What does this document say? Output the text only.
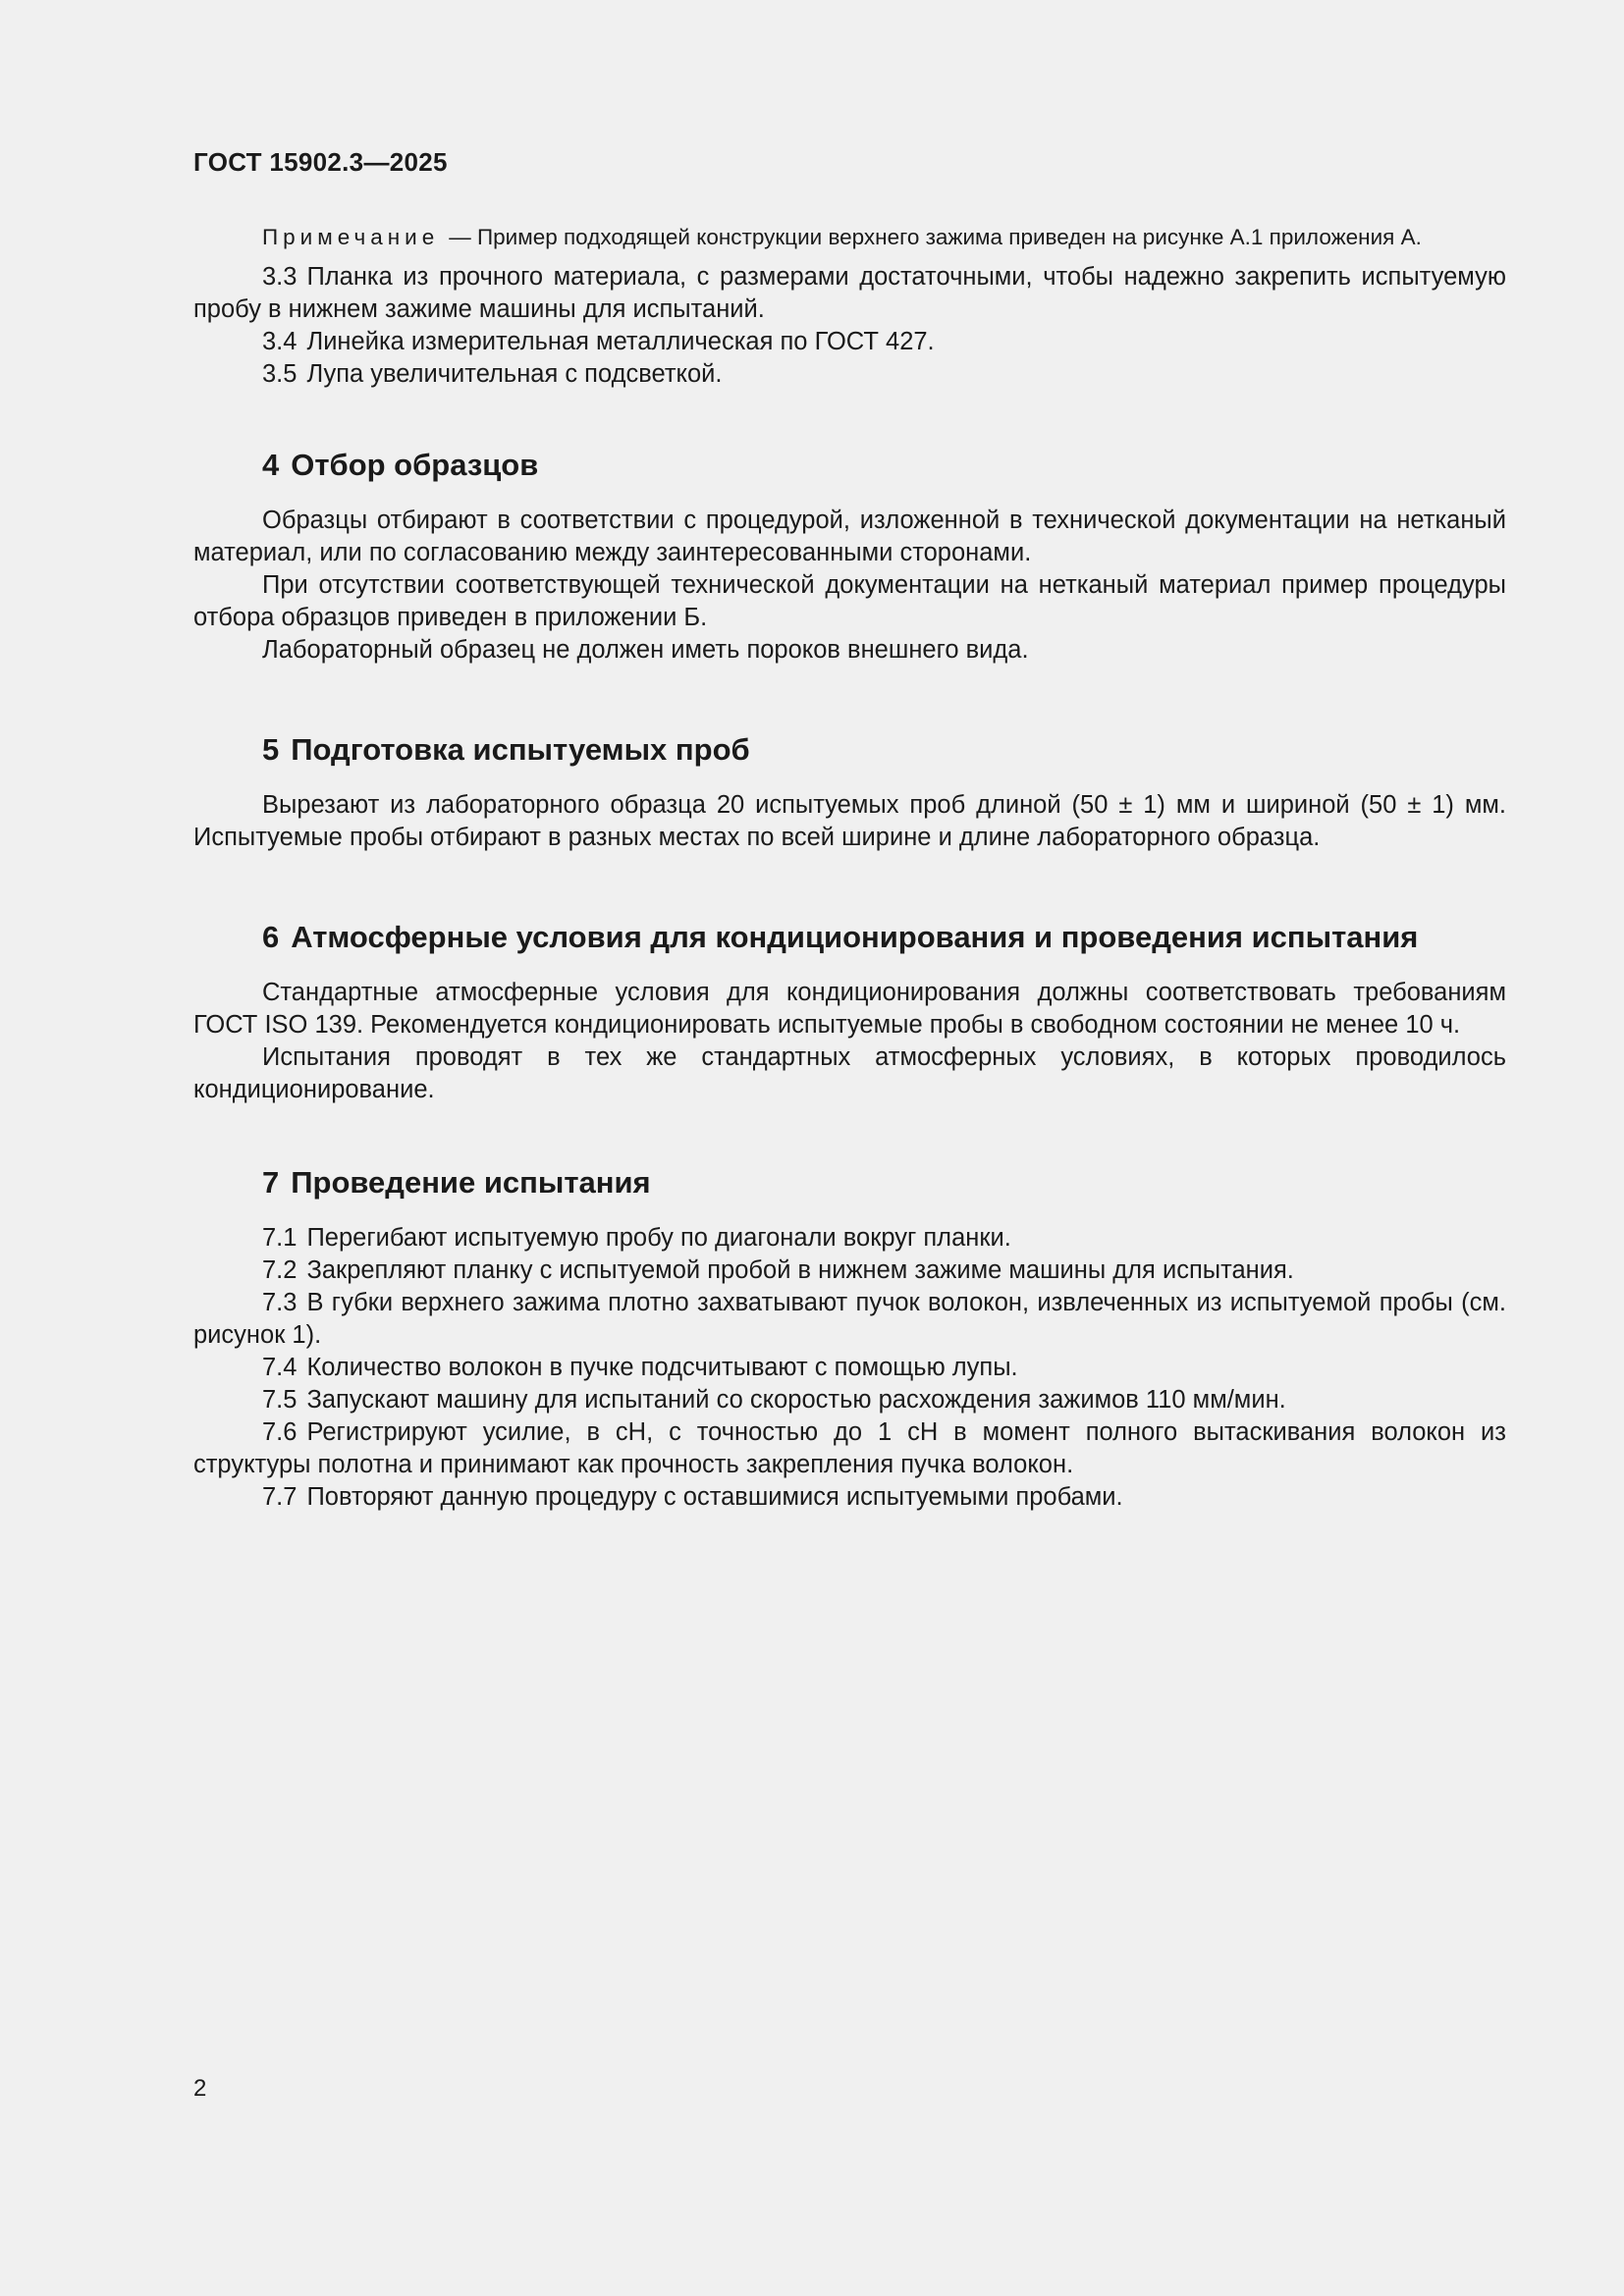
ГОСТ 15902.3—2025

Примечание — Пример подходящей конструкции верхнего зажима приведен на рисунке А.1 приложения А.

3.3 Планка из прочного материала, с размерами достаточными, чтобы надежно закрепить испытуемую пробу в нижнем зажиме машины для испытаний.

3.4 Линейка измерительная металлическая по ГОСТ 427.

3.5 Лупа увеличительная с подсветкой.

4 Отбор образцов

Образцы отбирают в соответствии с процедурой, изложенной в технической документации на нетканый материал, или по согласованию между заинтересованными сторонами.

При отсутствии соответствующей технической документации на нетканый материал пример процедуры отбора образцов приведен в приложении Б.

Лабораторный образец не должен иметь пороков внешнего вида.

5 Подготовка испытуемых проб

Вырезают из лабораторного образца 20 испытуемых проб длиной (50 ± 1) мм и шириной (50 ± 1) мм. Испытуемые пробы отбирают в разных местах по всей ширине и длине лабораторного образца.

6 Атмосферные условия для кондиционирования и проведения испытания

Стандартные атмосферные условия для кондиционирования должны соответствовать требованиям ГОСТ ISO 139. Рекомендуется кондиционировать испытуемые пробы в свободном состоянии не менее 10 ч.

Испытания проводят в тех же стандартных атмосферных условиях, в которых проводилось кондиционирование.

7 Проведение испытания

7.1 Перегибают испытуемую пробу по диагонали вокруг планки.

7.2 Закрепляют планку с испытуемой пробой в нижнем зажиме машины для испытания.

7.3 В губки верхнего зажима плотно захватывают пучок волокон, извлеченных из испытуемой пробы (см. рисунок 1).

7.4 Количество волокон в пучке подсчитывают с помощью лупы.

7.5 Запускают машину для испытаний со скоростью расхождения зажимов 110 мм/мин.

7.6 Регистрируют усилие, в сН, с точностью до 1 сН в момент полного вытаскивания волокон из структуры полотна и принимают как прочность закрепления пучка волокон.

7.7 Повторяют данную процедуру с оставшимися испытуемыми пробами.

2
